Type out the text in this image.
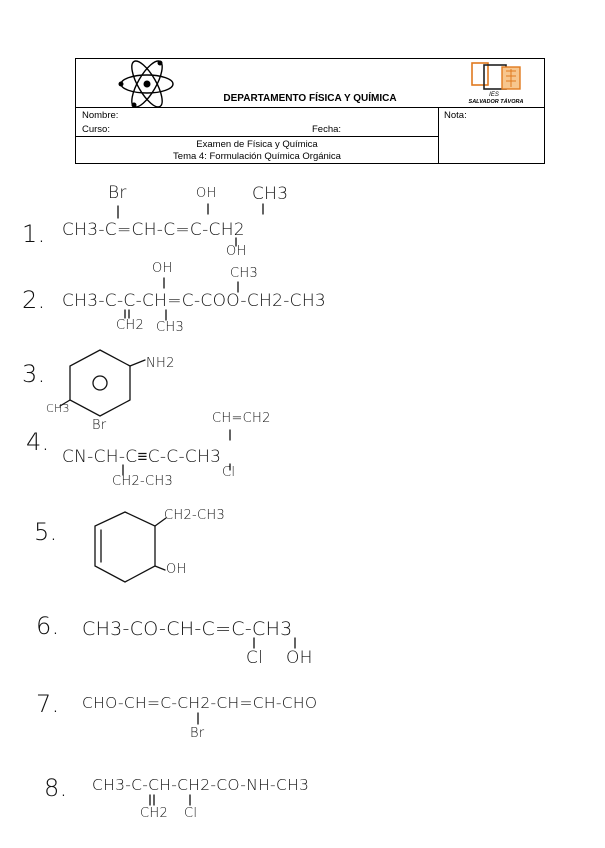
DEPARTAMENTO FÍSICA Y QUÍMICA	IES
SALVADOR TÁVORA
Nombre:
Curso:	Fecha:
Nota:
Examen de Física y Química
Tema 4: Formulación Química Orgánica
1.
Br	OH CH3
CH3-C=CH-C=C-CH2
OH
2.
OH	CH3
CH3-C-C-CH=C-COO-CH2-CH3
CH2 CH3
3.	NH2
CH3
Br
4.
CH=CH2
CN-CH-C≡C-C-CH3
CH2-CH3
Cl
5.
CH2-CH3
OH
6. CH3-CO-CH-C=C-CH3
Cl OH
7. CHO-CH=C-CH2-CH=CH-CHO
Br
8. CH3-C-CH-CH2-CO-NH-CH3
CH2 Cl
